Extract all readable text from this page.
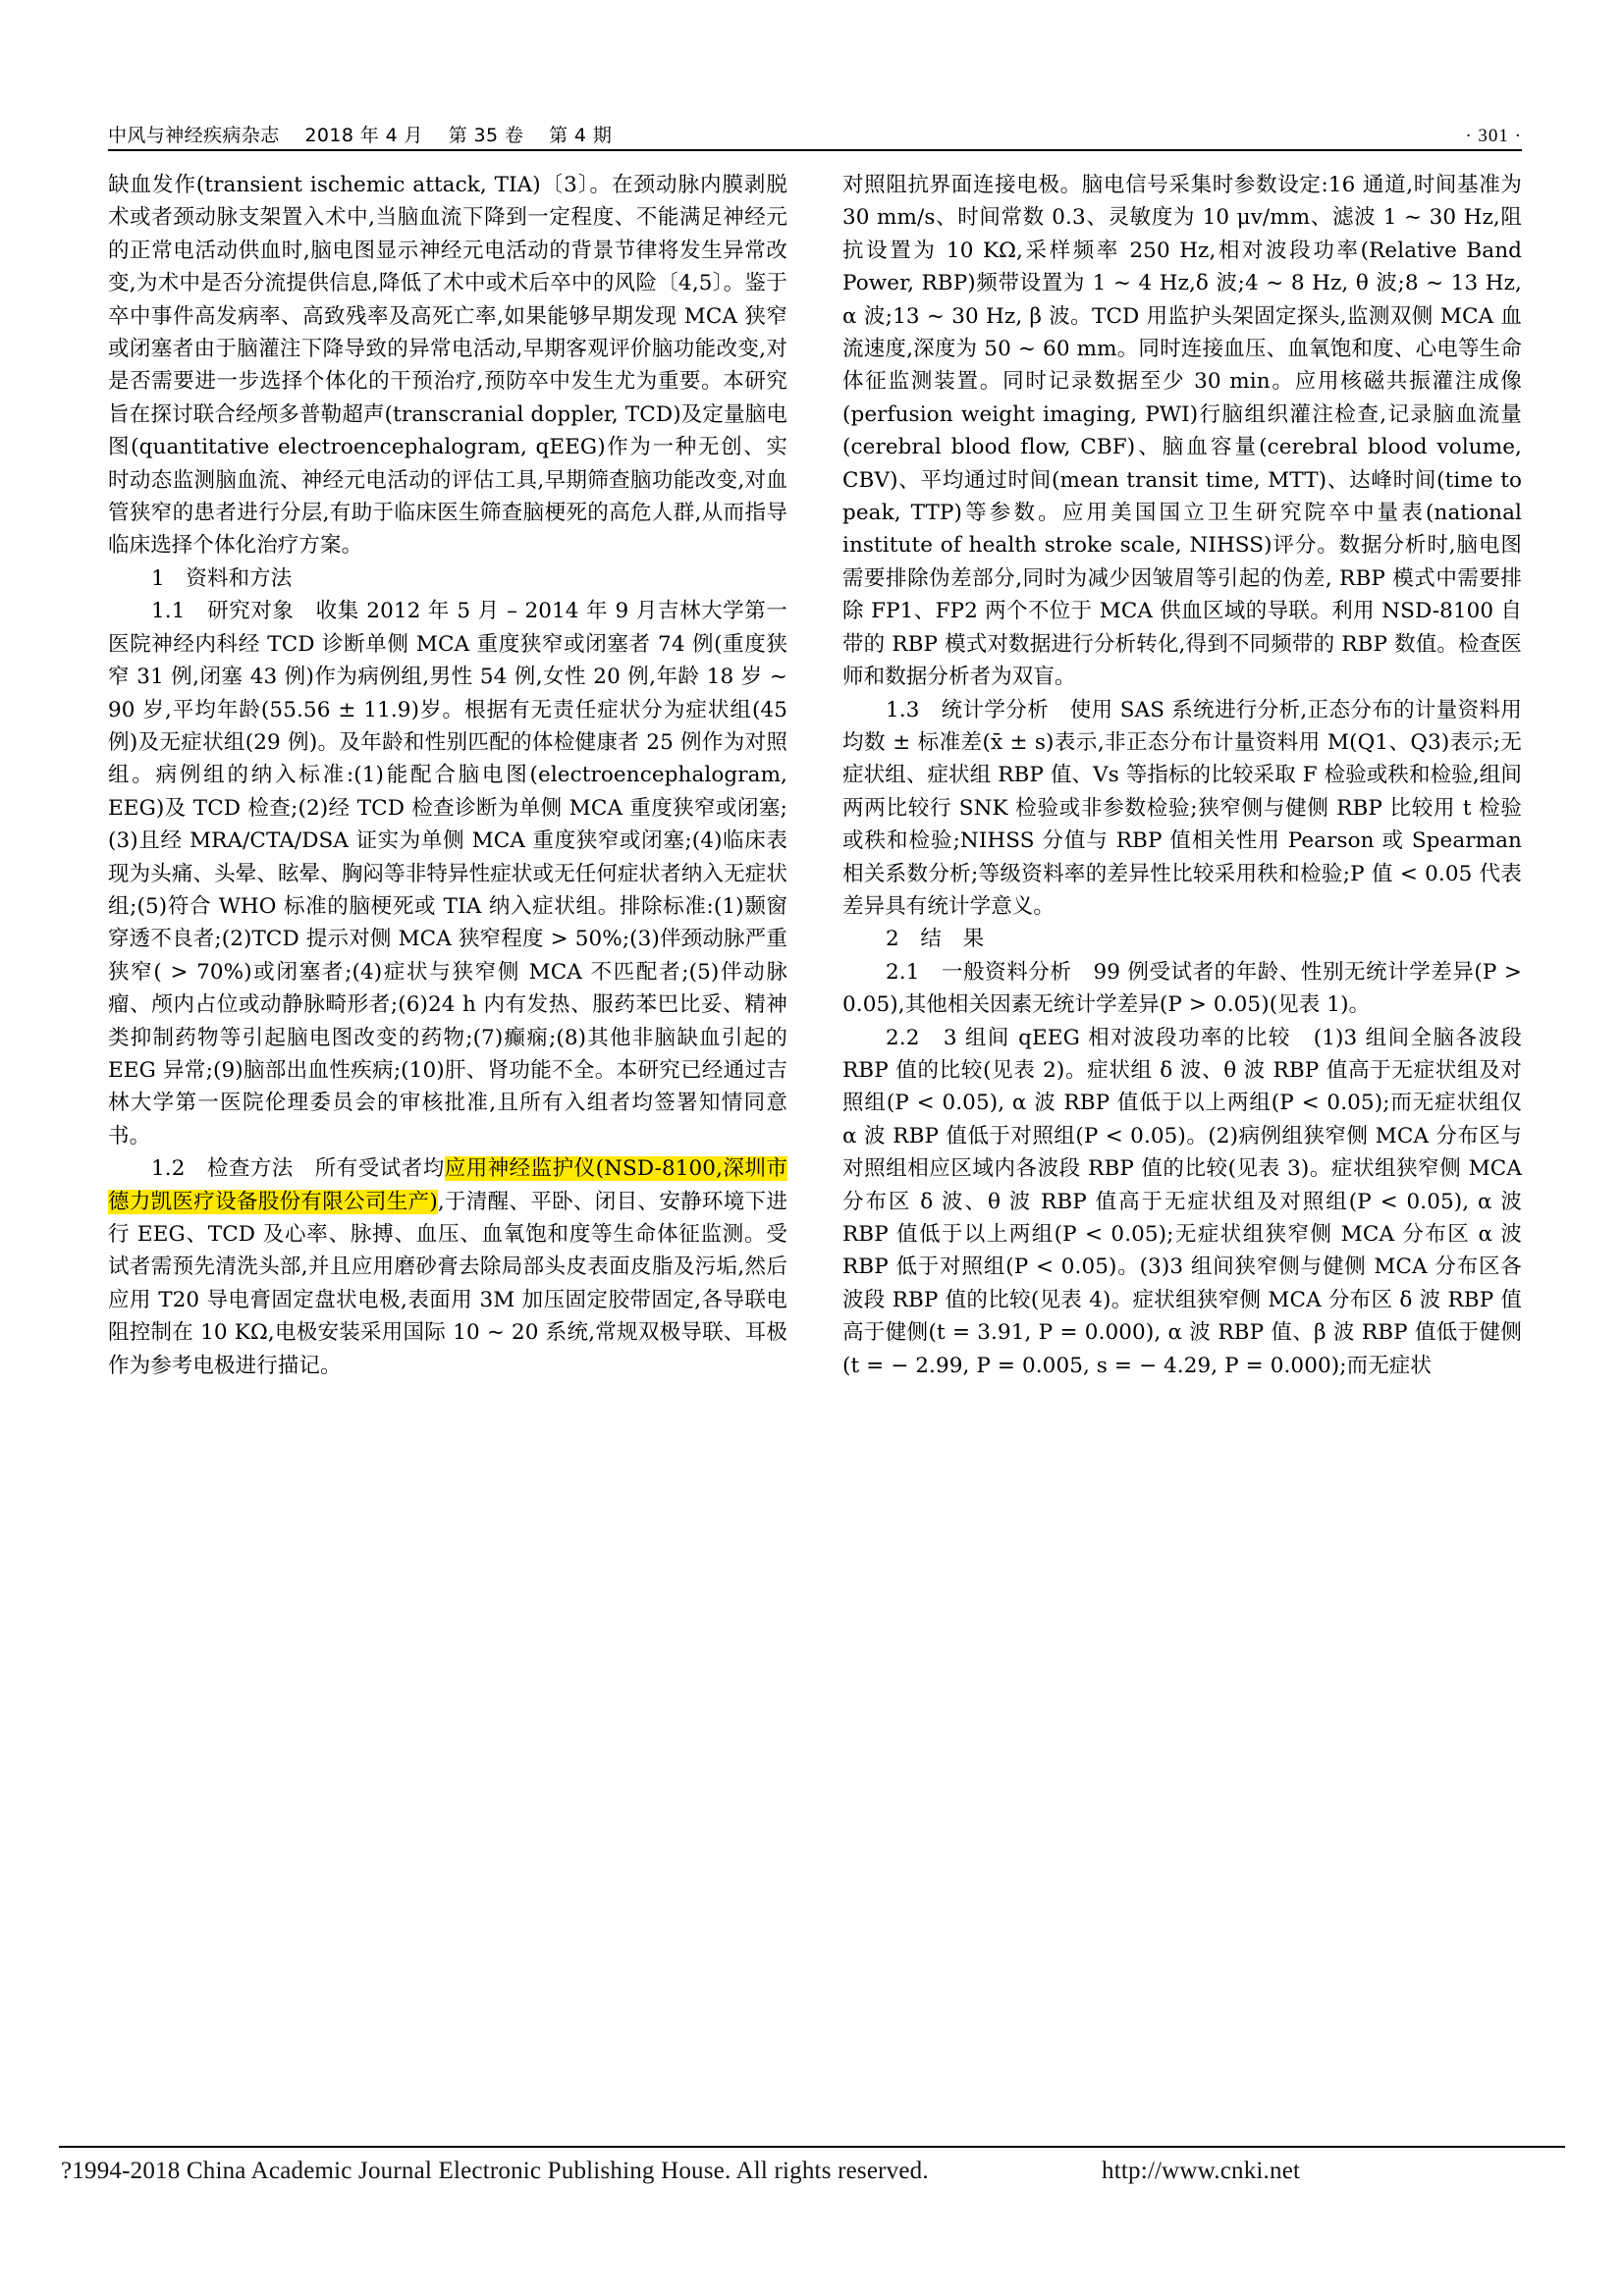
中风与神经疾病杂志    2018 年 4 月    第 35 卷    第 4 期	· 301 ·

缺血发作(transient ischemic attack, TIA)〔3〕。在颈动脉内膜剥脱术或者颈动脉支架置入术中,当脑血流下降到一定程度、不能满足神经元的正常电活动供血时,脑电图显示神经元电活动的背景节律将发生异常改变,为术中是否分流提供信息,降低了术中或术后卒中的风险〔4,5〕。鉴于卒中事件高发病率、高致残率及高死亡率,如果能够早期发现 MCA 狭窄或闭塞者由于脑灌注下降导致的异常电活动,早期客观评价脑功能改变,对是否需要进一步选择个体化的干预治疗,预防卒中发生尤为重要。本研究旨在探讨联合经颅多普勒超声(transcranial doppler, TCD)及定量脑电图(quantitative electroencephalogram, qEEG)作为一种无创、实时动态监测脑血流、神经元电活动的评估工具,早期筛查脑功能改变,对血管狭窄的患者进行分层,有助于临床医生筛查脑梗死的高危人群,从而指导临床选择个体化治疗方案。

1　资料和方法

1.1　研究对象　收集 2012 年 5 月 – 2014 年 9 月吉林大学第一医院神经内科经 TCD 诊断单侧 MCA 重度狭窄或闭塞者 74 例(重度狭窄 31 例,闭塞 43 例)作为病例组,男性 54 例,女性 20 例,年龄 18 岁 ~ 90 岁,平均年龄(55.56 ± 11.9)岁。根据有无责任症状分为症状组(45 例)及无症状组(29 例)。及年龄和性别匹配的体检健康者 25 例作为对照组。病例组的纳入标准:(1)能配合脑电图(electroencephalogram, EEG)及 TCD 检查;(2)经 TCD 检查诊断为单侧 MCA 重度狭窄或闭塞;(3)且经 MRA/CTA/DSA 证实为单侧 MCA 重度狭窄或闭塞;(4)临床表现为头痛、头晕、眩晕、胸闷等非特异性症状或无任何症状者纳入无症状组;(5)符合 WHO 标准的脑梗死或 TIA 纳入症状组。排除标准:(1)颞窗穿透不良者;(2)TCD 提示对侧 MCA 狭窄程度 > 50%;(3)伴颈动脉严重狭窄( > 70%)或闭塞者;(4)症状与狭窄侧 MCA 不匹配者;(5)伴动脉瘤、颅内占位或动静脉畸形者;(6)24 h 内有发热、服药苯巴比妥、精神类抑制药物等引起脑电图改变的药物;(7)癫痫;(8)其他非脑缺血引起的 EEG 异常;(9)脑部出血性疾病;(10)肝、肾功能不全。本研究已经通过吉林大学第一医院伦理委员会的审核批准,且所有入组者均签署知情同意书。

1.2　检查方法　所有受试者均应用神经监护仪(NSD-8100,深圳市德力凯医疗设备股份有限公司生产),于清醒、平卧、闭目、安静环境下进行 EEG、TCD 及心率、脉搏、血压、血氧饱和度等生命体征监测。受试者需预先清洗头部,并且应用磨砂膏去除局部头皮表面皮脂及污垢,然后应用 T20 导电膏固定盘状电极,表面用 3M 加压固定胶带固定,各导联电阻控制在 10 KΩ,电极安装采用国际 10 ~ 20 系统,常规双极导联、耳极作为参考电极进行描记。

对照阻抗界面连接电极。脑电信号采集时参数设定:16 通道,时间基准为 30 mm/s、时间常数 0.3、灵敏度为 10 μv/mm、滤波 1 ~ 30 Hz,阻抗设置为 10 KΩ,采样频率 250 Hz,相对波段功率(Relative Band Power, RBP)频带设置为 1 ~ 4 Hz,δ 波;4 ~ 8 Hz, θ 波;8 ~ 13 Hz, α 波;13 ~ 30 Hz, β 波。TCD 用监护头架固定探头,监测双侧 MCA 血流速度,深度为 50 ~ 60 mm。同时连接血压、血氧饱和度、心电等生命体征监测装置。同时记录数据至少 30 min。应用核磁共振灌注成像(perfusion weight imaging, PWI)行脑组织灌注检查,记录脑血流量(cerebral blood flow, CBF)、脑血容量(cerebral blood volume, CBV)、平均通过时间(mean transit time, MTT)、达峰时间(time to peak, TTP)等参数。应用美国国立卫生研究院卒中量表(national institute of health stroke scale, NIHSS)评分。数据分析时,脑电图需要排除伪差部分,同时为减少因皱眉等引起的伪差, RBP 模式中需要排除 FP1、FP2 两个不位于 MCA 供血区域的导联。利用 NSD-8100 自带的 RBP 模式对数据进行分析转化,得到不同频带的 RBP 数值。检查医师和数据分析者为双盲。

1.3　统计学分析　使用 SAS 系统进行分析,正态分布的计量资料用均数 ± 标准差(x̄ ± s)表示,非正态分布计量资料用 M(Q1、Q3)表示;无症状组、症状组 RBP 值、Vs 等指标的比较采取 F 检验或秩和检验,组间两两比较行 SNK 检验或非参数检验;狭窄侧与健侧 RBP 比较用 t 检验或秩和检验;NIHSS 分值与 RBP 值相关性用 Pearson 或 Spearman 相关系数分析;等级资料率的差异性比较采用秩和检验;P 值 < 0.05 代表差异具有统计学意义。

2　结　果

2.1　一般资料分析　99 例受试者的年龄、性别无统计学差异(P > 0.05),其他相关因素无统计学差异(P > 0.05)(见表 1)。

2.2　3 组间 qEEG 相对波段功率的比较　(1)3 组间全脑各波段 RBP 值的比较(见表 2)。症状组 δ 波、θ 波 RBP 值高于无症状组及对照组(P < 0.05), α 波 RBP 值低于以上两组(P < 0.05);而无症状组仅 α 波 RBP 值低于对照组(P < 0.05)。(2)病例组狭窄侧 MCA 分布区与对照组相应区域内各波段 RBP 值的比较(见表 3)。症状组狭窄侧 MCA 分布区 δ 波、θ 波 RBP 值高于无症状组及对照组(P < 0.05), α 波 RBP 值低于以上两组(P < 0.05);无症状组狭窄侧 MCA 分布区 α 波 RBP 低于对照组(P < 0.05)。(3)3 组间狭窄侧与健侧 MCA 分布区各波段 RBP 值的比较(见表 4)。症状组狭窄侧 MCA 分布区 δ 波 RBP 值高于健侧(t = 3.91, P = 0.000), α 波 RBP 值、β 波 RBP 值低于健侧(t = − 2.99, P = 0.005, s = − 4.29, P = 0.000);而无症状

?1994-2018 China Academic Journal Electronic Publishing House. All rights reserved.	http://www.cnki.net
